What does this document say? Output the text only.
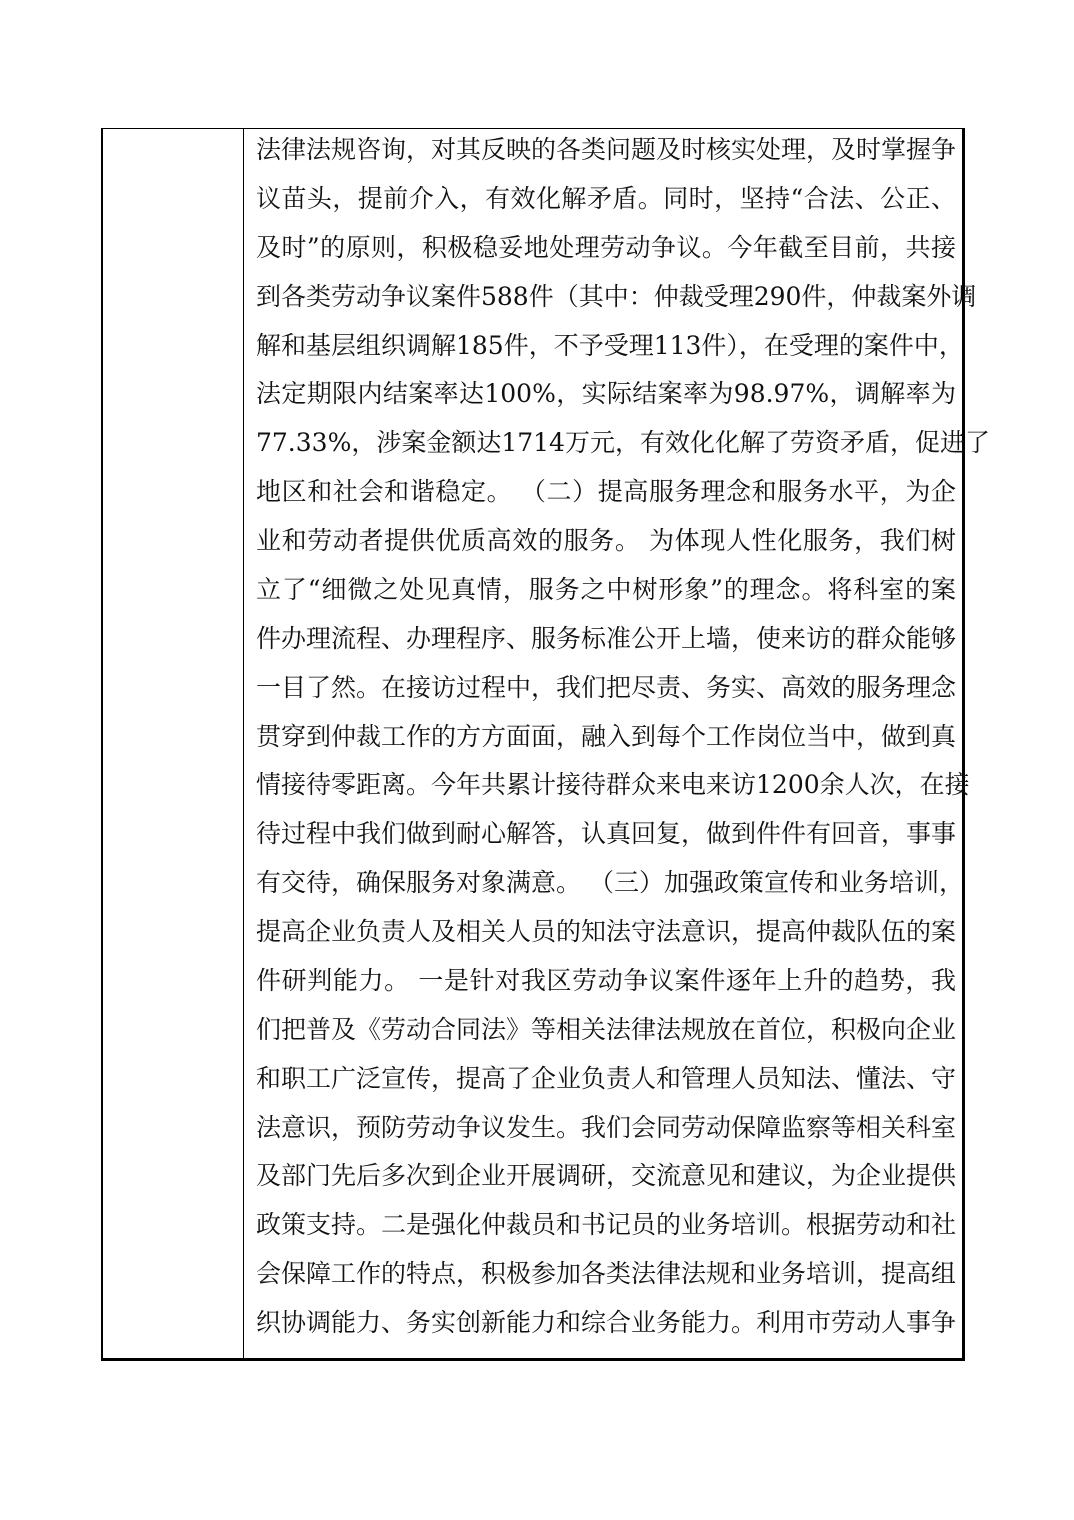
法律法规咨询，对其反映的各类问题及时核实处理，及时掌握争
议苗头，提前介入，有效化解矛盾。同时，坚持“合法、公正、
及时”的原则，积极稳妥地处理劳动争议。今年截至目前，共接
到各类劳动争议案件588件（其中：仲裁受理290件，仲裁案外调
解和基层组织调解185件，不予受理113件），在受理的案件中，
法定期限内结案率达100%，实际结案率为98.97%，调解率为
77.33%，涉案金额达1714万元，有效化化解了劳资矛盾，促进了
地区和社会和谐稳定。 （二）提高服务理念和服务水平，为企
业和劳动者提供优质高效的服务。 为体现人性化服务，我们树
立了“细微之处见真情，服务之中树形象”的理念。将科室的案
件办理流程、办理程序、服务标准公开上墙，使来访的群众能够
一目了然。在接访过程中，我们把尽责、务实、高效的服务理念
贯穿到仲裁工作的方方面面，融入到每个工作岗位当中，做到真
情接待零距离。今年共累计接待群众来电来访1200余人次，在接
待过程中我们做到耐心解答，认真回复，做到件件有回音，事事
有交待，确保服务对象满意。 （三）加强政策宣传和业务培训，
提高企业负责人及相关人员的知法守法意识，提高仲裁队伍的案
件研判能力。 一是针对我区劳动争议案件逐年上升的趋势，我
们把普及《劳动合同法》等相关法律法规放在首位，积极向企业
和职工广泛宣传，提高了企业负责人和管理人员知法、懂法、守
法意识，预防劳动争议发生。我们会同劳动保障监察等相关科室
及部门先后多次到企业开展调研，交流意见和建议，为企业提供
政策支持。二是强化仲裁员和书记员的业务培训。根据劳动和社
会保障工作的特点，积极参加各类法律法规和业务培训，提高组
织协调能力、务实创新能力和综合业务能力。利用市劳动人事争
